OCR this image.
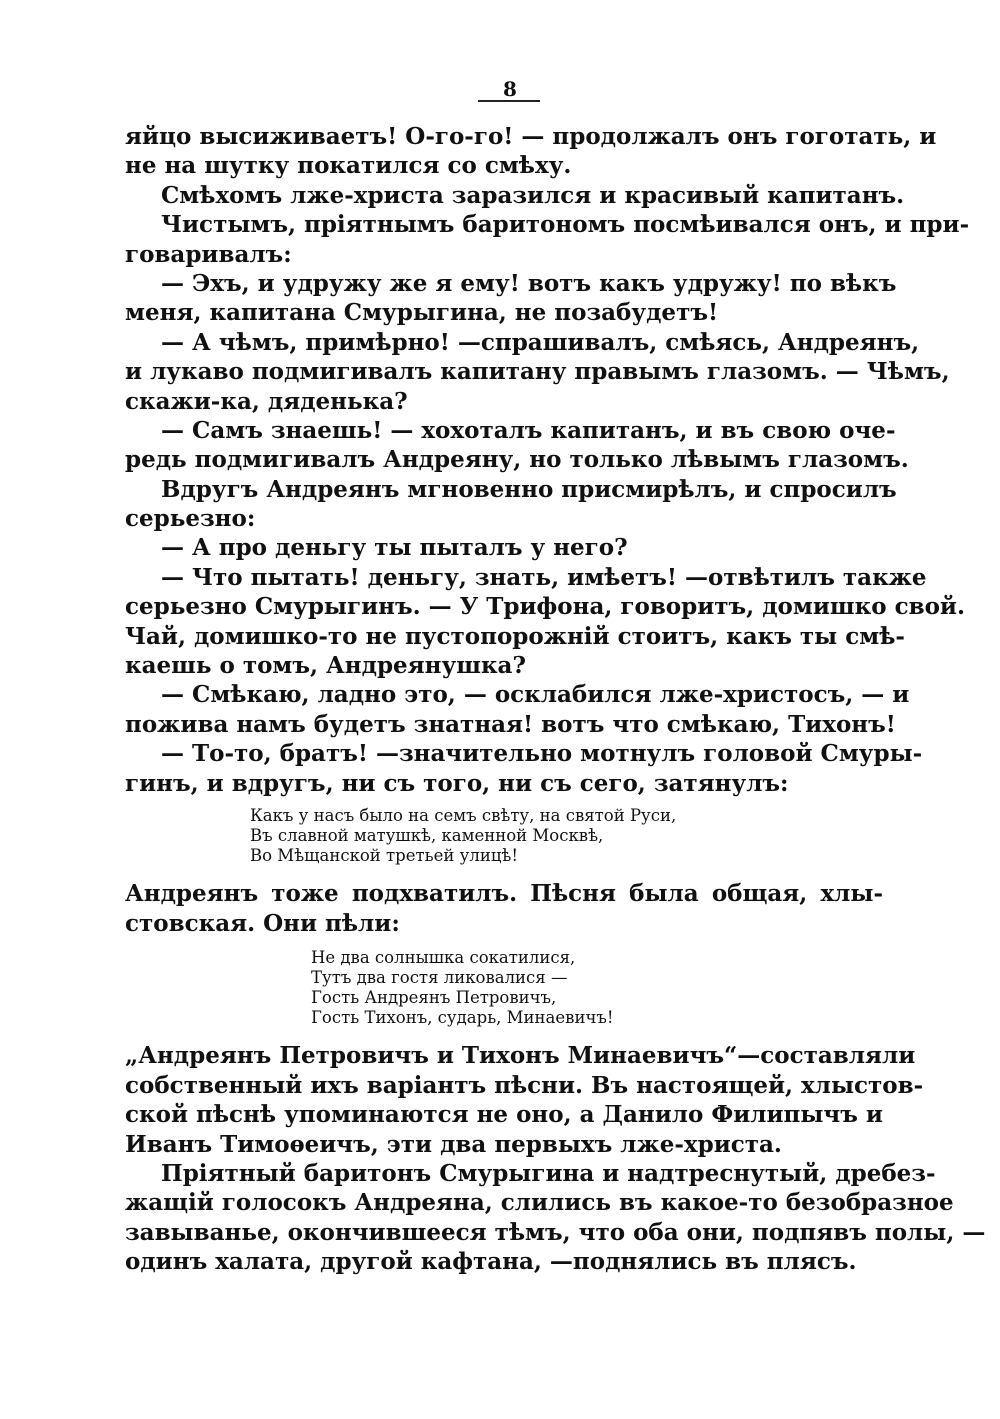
8
яйцо высиживаетъ! О-го-го! — продолжалъ онъ гоготать, и
не на шутку покатился со смѣху.
Смѣхомъ лже-христа заразился и красивый капитанъ.
Чистымъ, пріятнымъ баритономъ посмѣивался онъ, и при-
говаривалъ:
— Эхъ, и удружу же я ему! вотъ какъ удружу! по вѣкъ
меня, капитана Смурыгина, не позабудетъ!
— А чѣмъ, примѣрно! —спрашивалъ, смѣясь, Андреянъ,
и лукаво подмигивалъ капитану правымъ глазомъ. — Чѣмъ,
скажи-ка, дяденька?
— Самъ знаешь! — хохоталъ капитанъ, и въ свою оче-
редь подмигивалъ Андреяну, но только лѣвымъ глазомъ.
Вдругъ Андреянъ мгновенно присмирѣлъ, и спросилъ
серьезно:
— А про деньгу ты пыталъ у него?
— Что пытать! деньгу, знать, имѣетъ! —отвѣтилъ также
серьезно Смурыгинъ. — У Трифона, говоритъ, домишко свой.
Чай, домишко-то не пустопорожній стоитъ, какъ ты смѣ-
каешь о томъ, Андреянушка?
— Смѣкаю, ладно это, — осклабился лже-христосъ, — и
пожива намъ будетъ знатная! вотъ что смѣкаю, Тихонъ!
— То-то, братъ! —значительно мотнулъ головой Смуры-
гинъ, и вдругъ, ни съ того, ни съ сего, затянулъ:
Какъ у насъ было на семъ свѣту, на святой Руси,
Въ славной матушкѣ, каменной Москвѣ,
Во Мѣщанской третьей улицѣ!
Андреянъ тоже подхватилъ. Пѣсня была общая, хлы-
стовская. Они пѣли:
Не два солнышка сокатилися,
Тутъ два гостя ликовалися —
Гость Андреянъ Петровичъ,
Гость Тихонъ, сударь, Минаевичъ!
„Андреянъ Петровичъ и Тихонъ Минаевичъ“—составляли
собственный ихъ варіантъ пѣсни. Въ настоящей, хлыстов-
ской пѣснѣ упоминаются не оно, а Данило Филипычъ и
Иванъ Тимоѳеичъ, эти два первыхъ лже-христа.
Пріятный баритонъ Смурыгина и надтреснутый, дребез-
жащій голосокъ Андреяна, слились въ какое-то безобразное
завыванье, окончившееся тѣмъ, что оба они, подпявъ полы, —
одинъ халата, другой кафтана, —поднялись въ плясъ.
